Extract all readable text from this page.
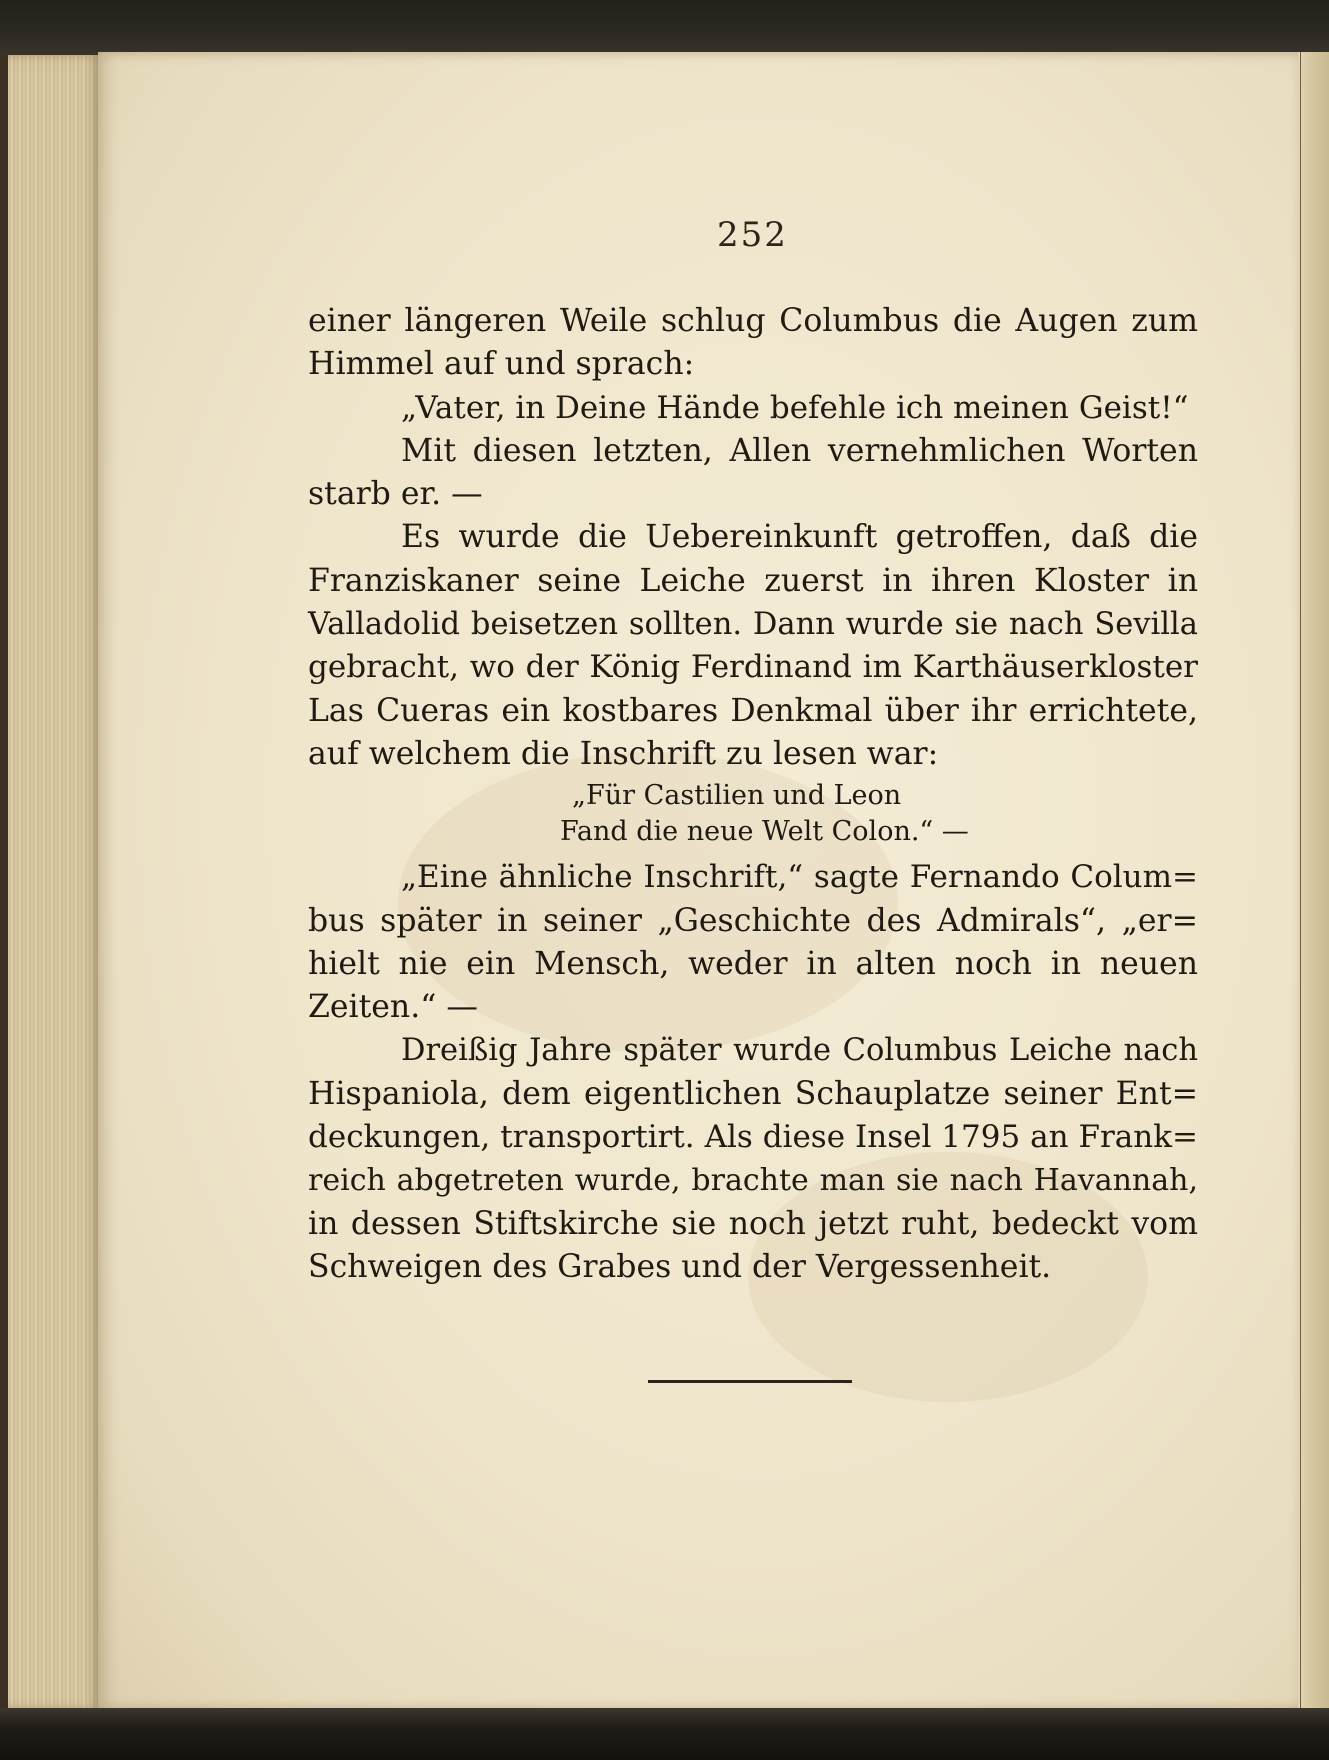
252
einer längeren Weile schlug Columbus die Augen zum
Himmel auf und sprach:
„Vater, in Deine Hände befehle ich meinen Geist!“
Mit diesen letzten, Allen vernehmlichen Worten
starb er. —
Es wurde die Uebereinkunft getroffen, daß die
Franziskaner seine Leiche zuerst in ihren Kloster in
Valladolid beisetzen sollten. Dann wurde sie nach Sevilla
gebracht, wo der König Ferdinand im Karthäuserkloster
Las Cueras ein kostbares Denkmal über ihr errichtete,
auf welchem die Inschrift zu lesen war:
„Für Castilien und Leon
Fand die neue Welt Colon.“ —
„Eine ähnliche Inschrift,“ sagte Fernando Colum=
bus später in seiner „Geschichte des Admirals“, „er=
hielt nie ein Mensch, weder in alten noch in neuen
Zeiten.“ —
Dreißig Jahre später wurde Columbus Leiche nach
Hispaniola, dem eigentlichen Schauplatze seiner Ent=
deckungen, transportirt. Als diese Insel 1795 an Frank=
reich abgetreten wurde, brachte man sie nach Havannah,
in dessen Stiftskirche sie noch jetzt ruht, bedeckt vom
Schweigen des Grabes und der Vergessenheit.
